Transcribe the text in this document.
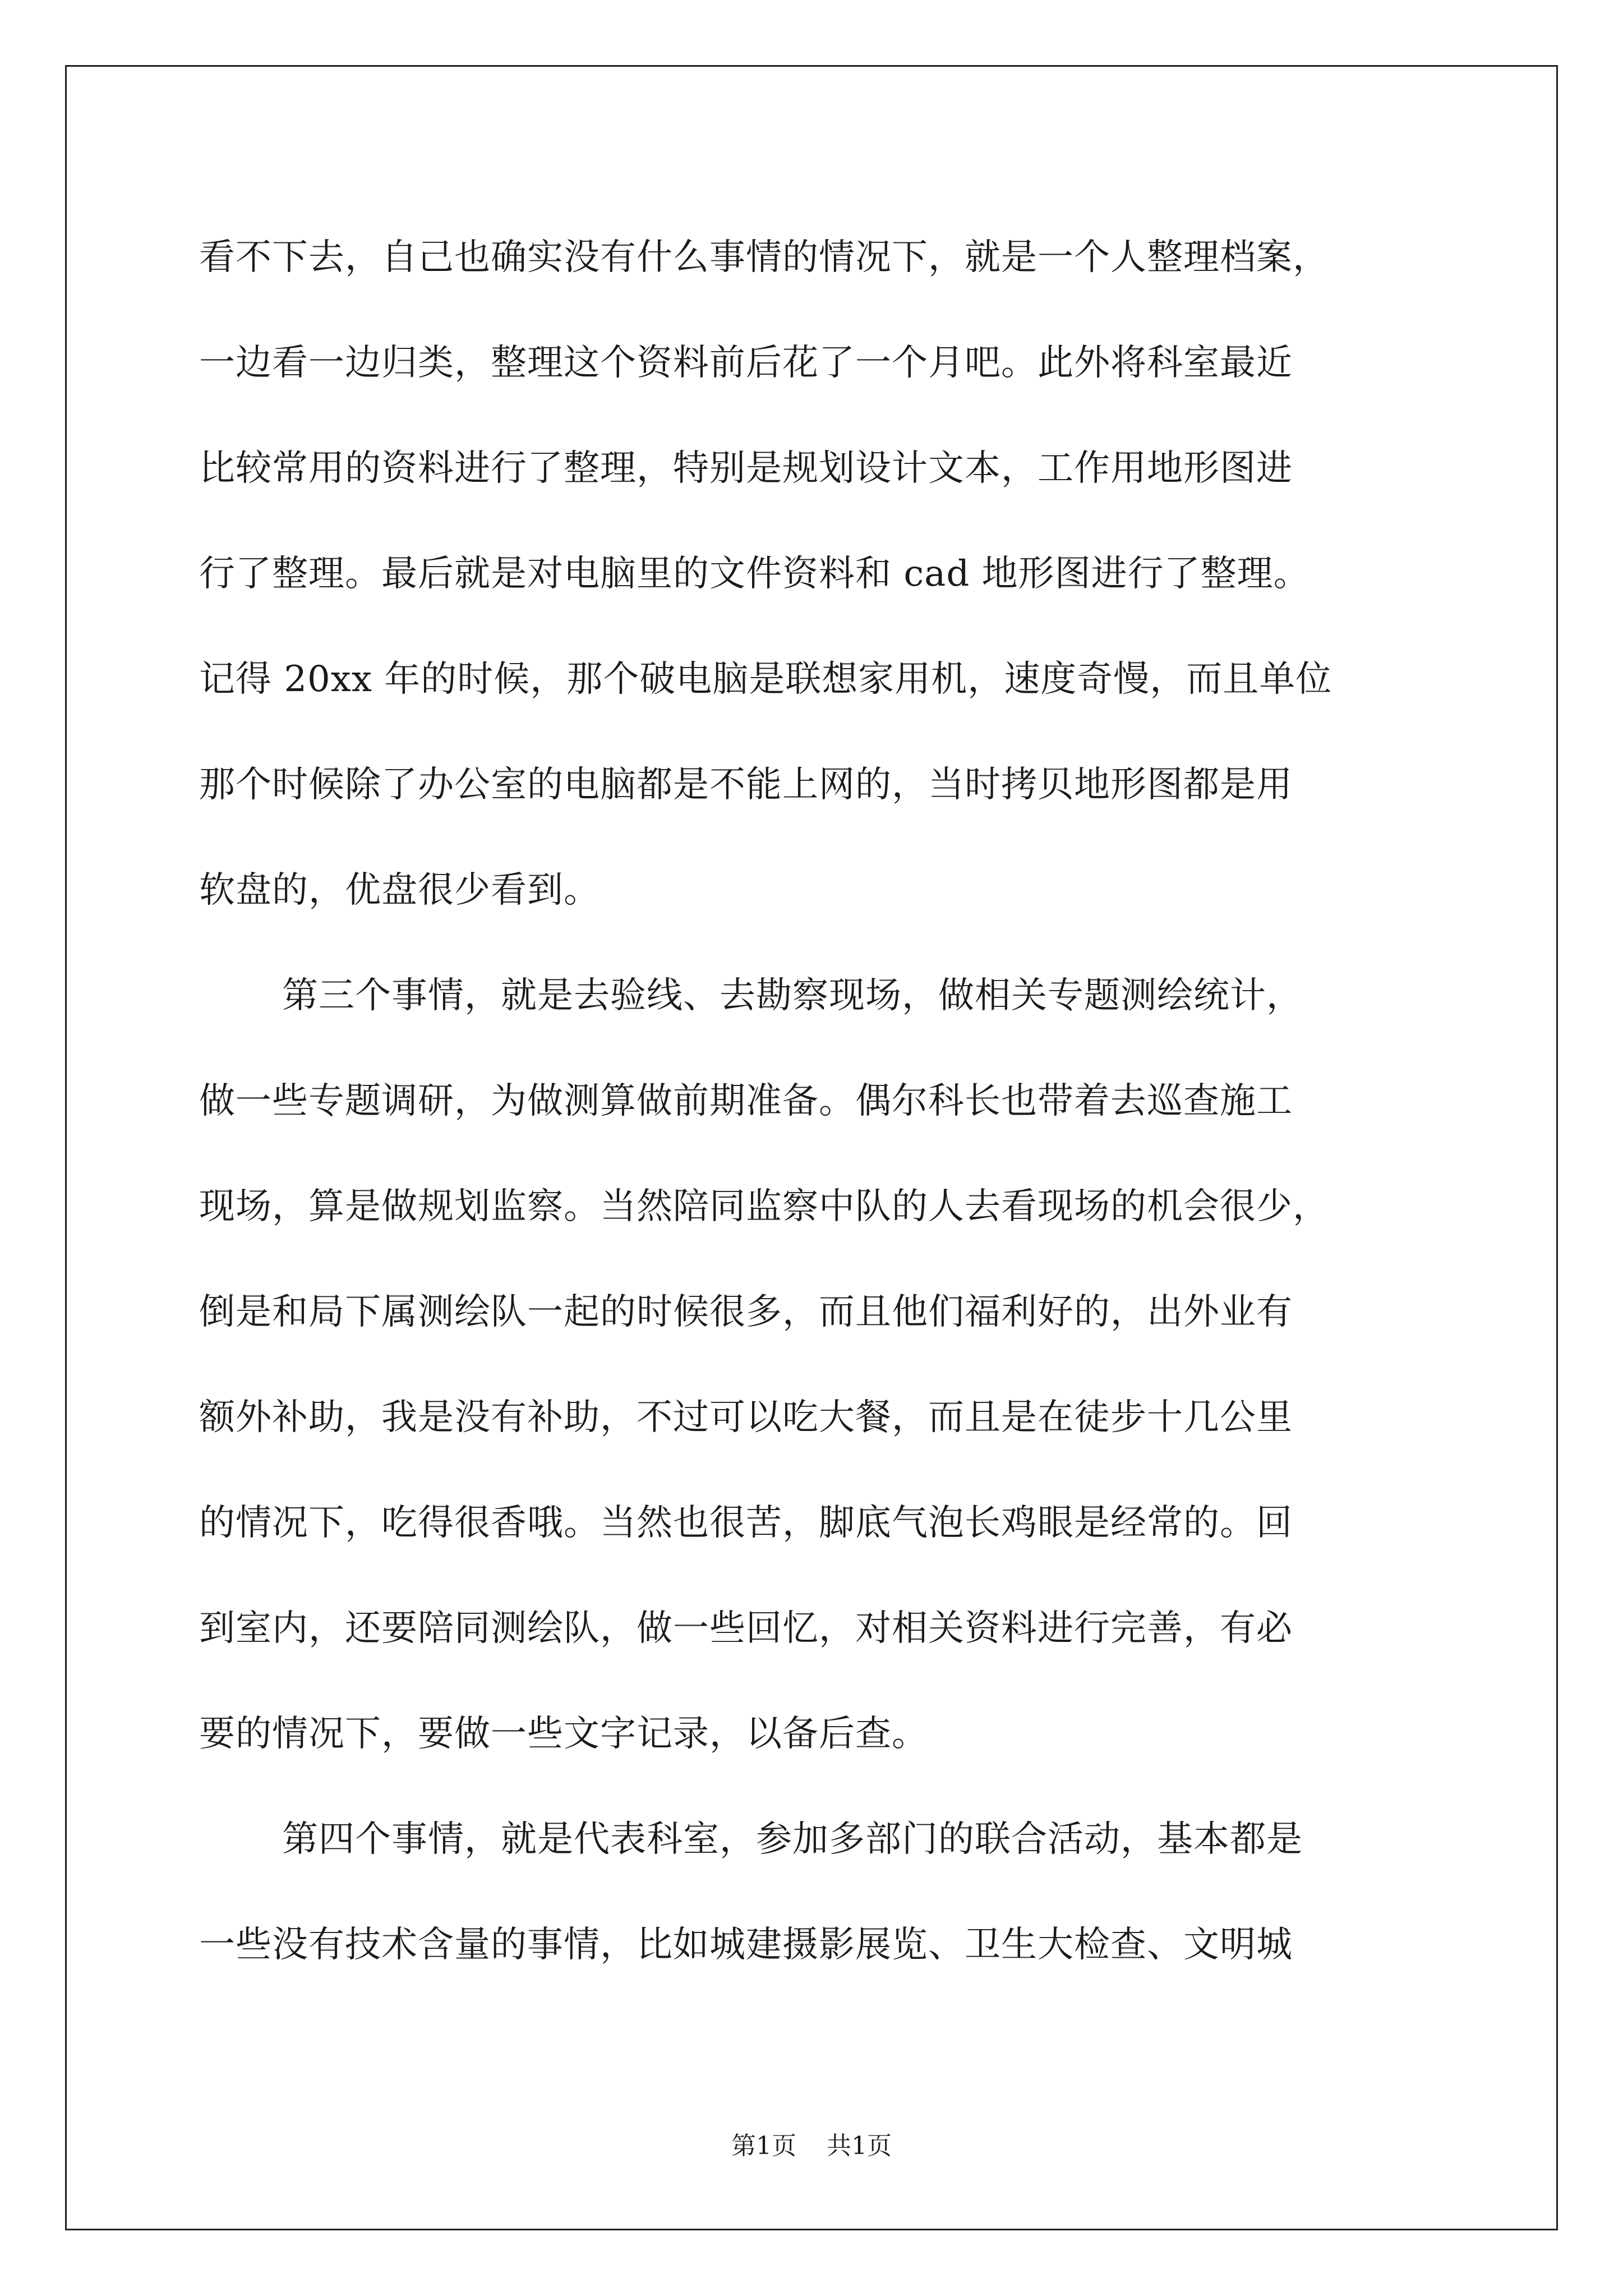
看不下去，自己也确实没有什么事情的情况下，就是一个人整理档案，
一边看一边归类，整理这个资料前后花了一个月吧。此外将科室最近
比较常用的资料进行了整理，特别是规划设计文本，工作用地形图进
行了整理。最后就是对电脑里的文件资料和 cad 地形图进行了整理。
记得 20xx 年的时候，那个破电脑是联想家用机，速度奇慢，而且单位
那个时候除了办公室的电脑都是不能上网的，当时拷贝地形图都是用
软盘的，优盘很少看到。
第三个事情，就是去验线、去勘察现场，做相关专题测绘统计，
做一些专题调研，为做测算做前期准备。偶尔科长也带着去巡查施工
现场，算是做规划监察。当然陪同监察中队的人去看现场的机会很少，
倒是和局下属测绘队一起的时候很多，而且他们福利好的，出外业有
额外补助，我是没有补助，不过可以吃大餐，而且是在徒步十几公里
的情况下，吃得很香哦。当然也很苦，脚底气泡长鸡眼是经常的。回
到室内，还要陪同测绘队，做一些回忆，对相关资料进行完善，有必
要的情况下，要做一些文字记录，以备后查。
第四个事情，就是代表科室，参加多部门的联合活动，基本都是
一些没有技术含量的事情，比如城建摄影展览、卫生大检查、文明城
第1页 共1页
